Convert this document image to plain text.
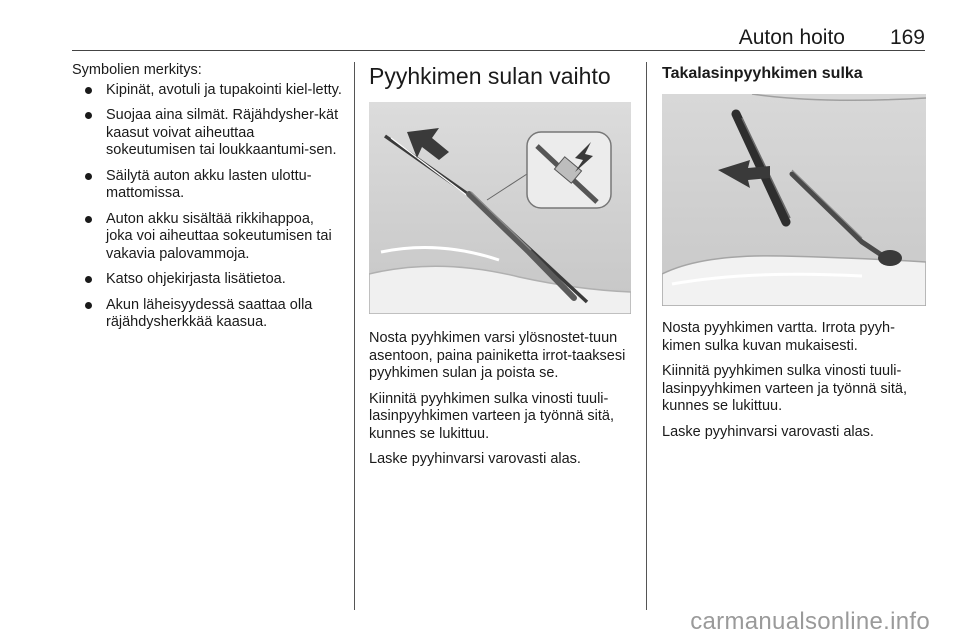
Auton hoito 169

Symbolien merkitys:

Kipinät, avotuli ja tupakointi kiel-letty.
Suojaa aina silmät. Räjähdysher-kät kaasut voivat aiheuttaa sokeutumisen tai loukkaantumi-sen.
Säilytä auton akku lasten ulottu-mattomissa.
Auton akku sisältää rikkihappoa, joka voi aiheuttaa sokeutumisen tai vakavia palovammoja.
Katso ohjekirjasta lisätietoa.
Akun läheisyydessä saattaa olla räjähdysherkkää kaasua.
Pyyhkimen sulan vaihto

Nosta pyyhkimen varsi ylösnostet-tuun asentoon, paina painiketta irrot-taaksesi pyyhkimen sulan ja poista se.

Kiinnitä pyyhkimen sulka vinosti tuuli-lasinpyyhkimen varteen ja työnnä sitä, kunnes se lukittuu.

Laske pyyhinvarsi varovasti alas.

Takalasinpyyhkimen sulka

Nosta pyyhkimen vartta. Irrota pyyh-kimen sulka kuvan mukaisesti.

Kiinnitä pyyhkimen sulka vinosti tuuli-lasinpyyhkimen varteen ja työnnä sitä, kunnes se lukittuu.

Laske pyyhinvarsi varovasti alas.

carmanualsonline.info
